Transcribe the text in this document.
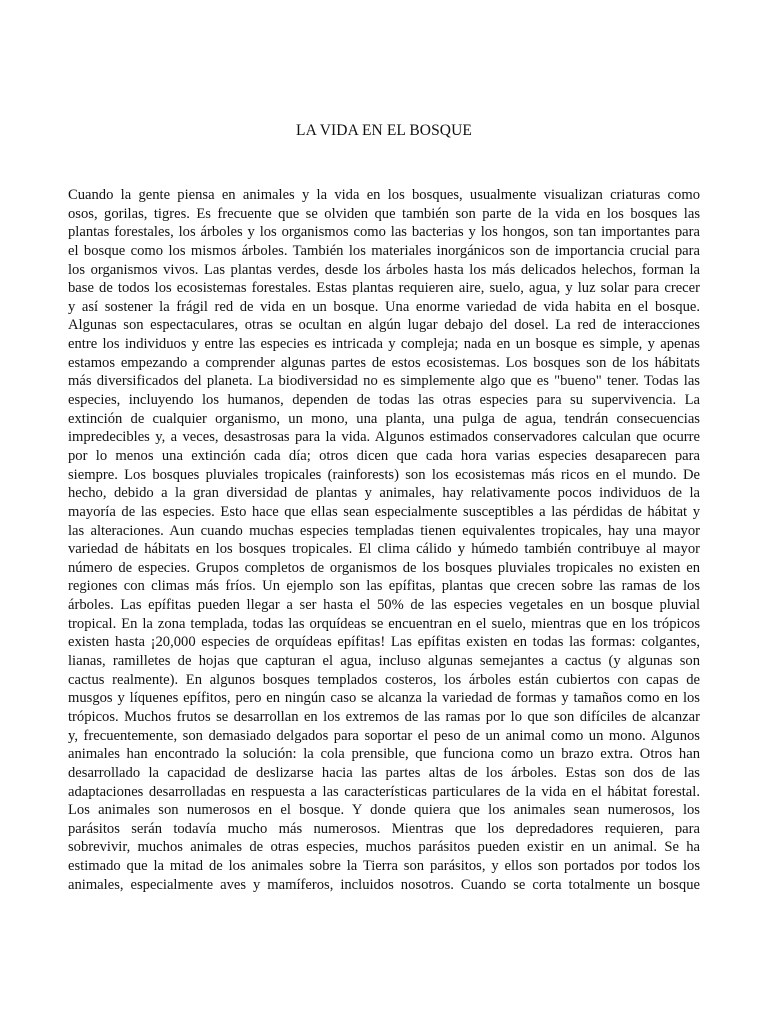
LA VIDA EN EL BOSQUE
Cuando la gente piensa en animales y la vida en los bosques, usualmente visualizan criaturas como
osos, gorilas, tigres. Es frecuente que se olviden que también son parte de la vida en los bosques las
plantas forestales, los árboles y los organismos como las bacterias y los hongos, son tan importantes para
el bosque como los mismos árboles. También los materiales inorgánicos son de importancia crucial para
los organismos vivos. Las plantas verdes, desde los árboles hasta los más delicados helechos, forman la
base de todos los ecosistemas forestales. Estas plantas requieren aire, suelo, agua, y luz solar para crecer
y así sostener la frágil red de vida en un bosque. Una enorme variedad de vida habita en el bosque.
Algunas son espectaculares, otras se ocultan en algún lugar debajo del dosel. La red de interacciones
entre los individuos y entre las especies es intricada y compleja; nada en un bosque es simple, y apenas
estamos empezando a comprender algunas partes de estos ecosistemas. Los bosques son de los hábitats
más diversificados del planeta. La biodiversidad no es simplemente algo que es "bueno" tener. Todas las
especies, incluyendo los humanos, dependen de todas las otras especies para su supervivencia. La
extinción de cualquier organismo, un mono, una planta, una pulga de agua, tendrán consecuencias
impredecibles y, a veces, desastrosas para la vida. Algunos estimados conservadores calculan que ocurre
por lo menos una extinción cada día; otros dicen que cada hora varias especies desaparecen para
siempre. Los bosques pluviales tropicales (rainforests) son los ecosistemas más ricos en el mundo. De
hecho, debido a la gran diversidad de plantas y animales, hay relativamente pocos individuos de la
mayoría de las especies. Esto hace que ellas sean especialmente susceptibles a las pérdidas de hábitat y
las alteraciones. Aun cuando muchas especies templadas tienen equivalentes tropicales, hay una mayor
variedad de hábitats en los bosques tropicales. El clima cálido y húmedo también contribuye al mayor
número de especies. Grupos completos de organismos de los bosques pluviales tropicales no existen en
regiones con climas más fríos. Un ejemplo son las epífitas, plantas que crecen sobre las ramas de los
árboles. Las epífitas pueden llegar a ser hasta el 50% de las especies vegetales en un bosque pluvial
tropical. En la zona templada, todas las orquídeas se encuentran en el suelo, mientras que en los trópicos
existen hasta ¡20,000 especies de orquídeas epífitas! Las epífitas existen en todas las formas: colgantes,
lianas, ramilletes de hojas que capturan el agua, incluso algunas semejantes a cactus (y algunas son
cactus realmente). En algunos bosques templados costeros, los árboles están cubiertos con capas de
musgos y líquenes epífitos, pero en ningún caso se alcanza la variedad de formas y tamaños como en los
trópicos. Muchos frutos se desarrollan en los extremos de las ramas por lo que son difíciles de alcanzar
y, frecuentemente, son demasiado delgados para soportar el peso de un animal como un mono. Algunos
animales han encontrado la solución: la cola prensible, que funciona como un brazo extra. Otros han
desarrollado la capacidad de deslizarse hacia las partes altas de los árboles. Estas son dos de las
adaptaciones desarrolladas en respuesta a las características particulares de la vida en el hábitat forestal.
Los animales son numerosos en el bosque. Y donde quiera que los animales sean numerosos, los
parásitos serán todavía mucho más numerosos. Mientras que los depredadores requieren, para
sobrevivir, muchos animales de otras especies, muchos parásitos pueden existir en un animal. Se ha
estimado que la mitad de los animales sobre la Tierra son parásitos, y ellos son portados por todos los
animales, especialmente aves y mamíferos, incluidos nosotros. Cuando se corta totalmente un bosque
